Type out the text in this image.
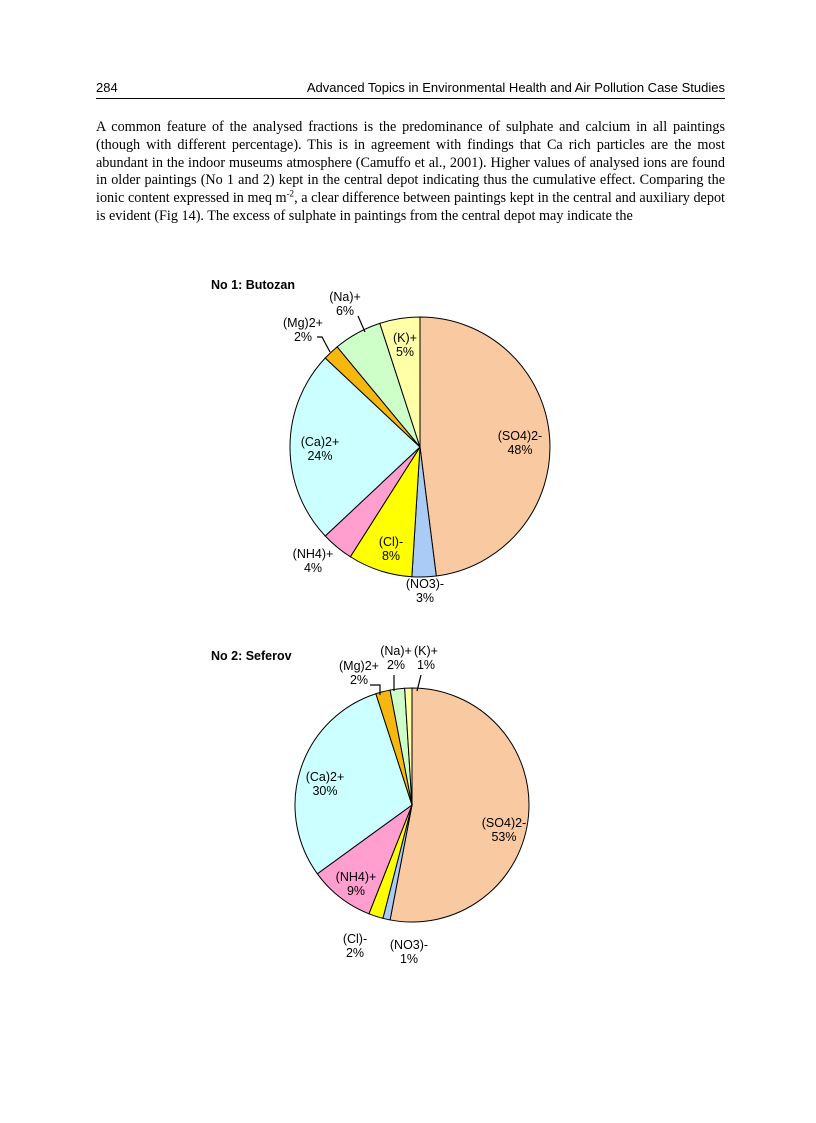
284	Advanced Topics in Environmental Health and Air Pollution Case Studies

A common feature of the analysed fractions is the predominance of sulphate and calcium in all paintings (though with different percentage). This is in agreement with findings that Ca rich particles are the most abundant in the indoor museums atmosphere (Camuffo et al., 2001). Higher values of analysed ions are found in older paintings (No 1 and 2) kept in the central depot indicating thus the cumulative effect. Comparing the ionic content expressed in meq $m^{-2}$, a clear difference between paintings kept in the central and auxiliary depot is evident (Fig 14). The excess of sulphate in paintings from the central depot may indicate the

No 1: Butozan
(SO4)2-
48%
(NO3)-
3%
(Cl)-
8%
(NH4)+
4%
(Ca)2+
24%
(Mg)2+
2%
(Na)+
6%
(K)+
5%
No 2: Seferov
(SO4)2-
53%
(NO3)-
1%
(Cl)-
2%
(NH4)+
9%
(Ca)2+
30%
(Mg)2+
2%
(Na)+
2%
(K)+
1%
